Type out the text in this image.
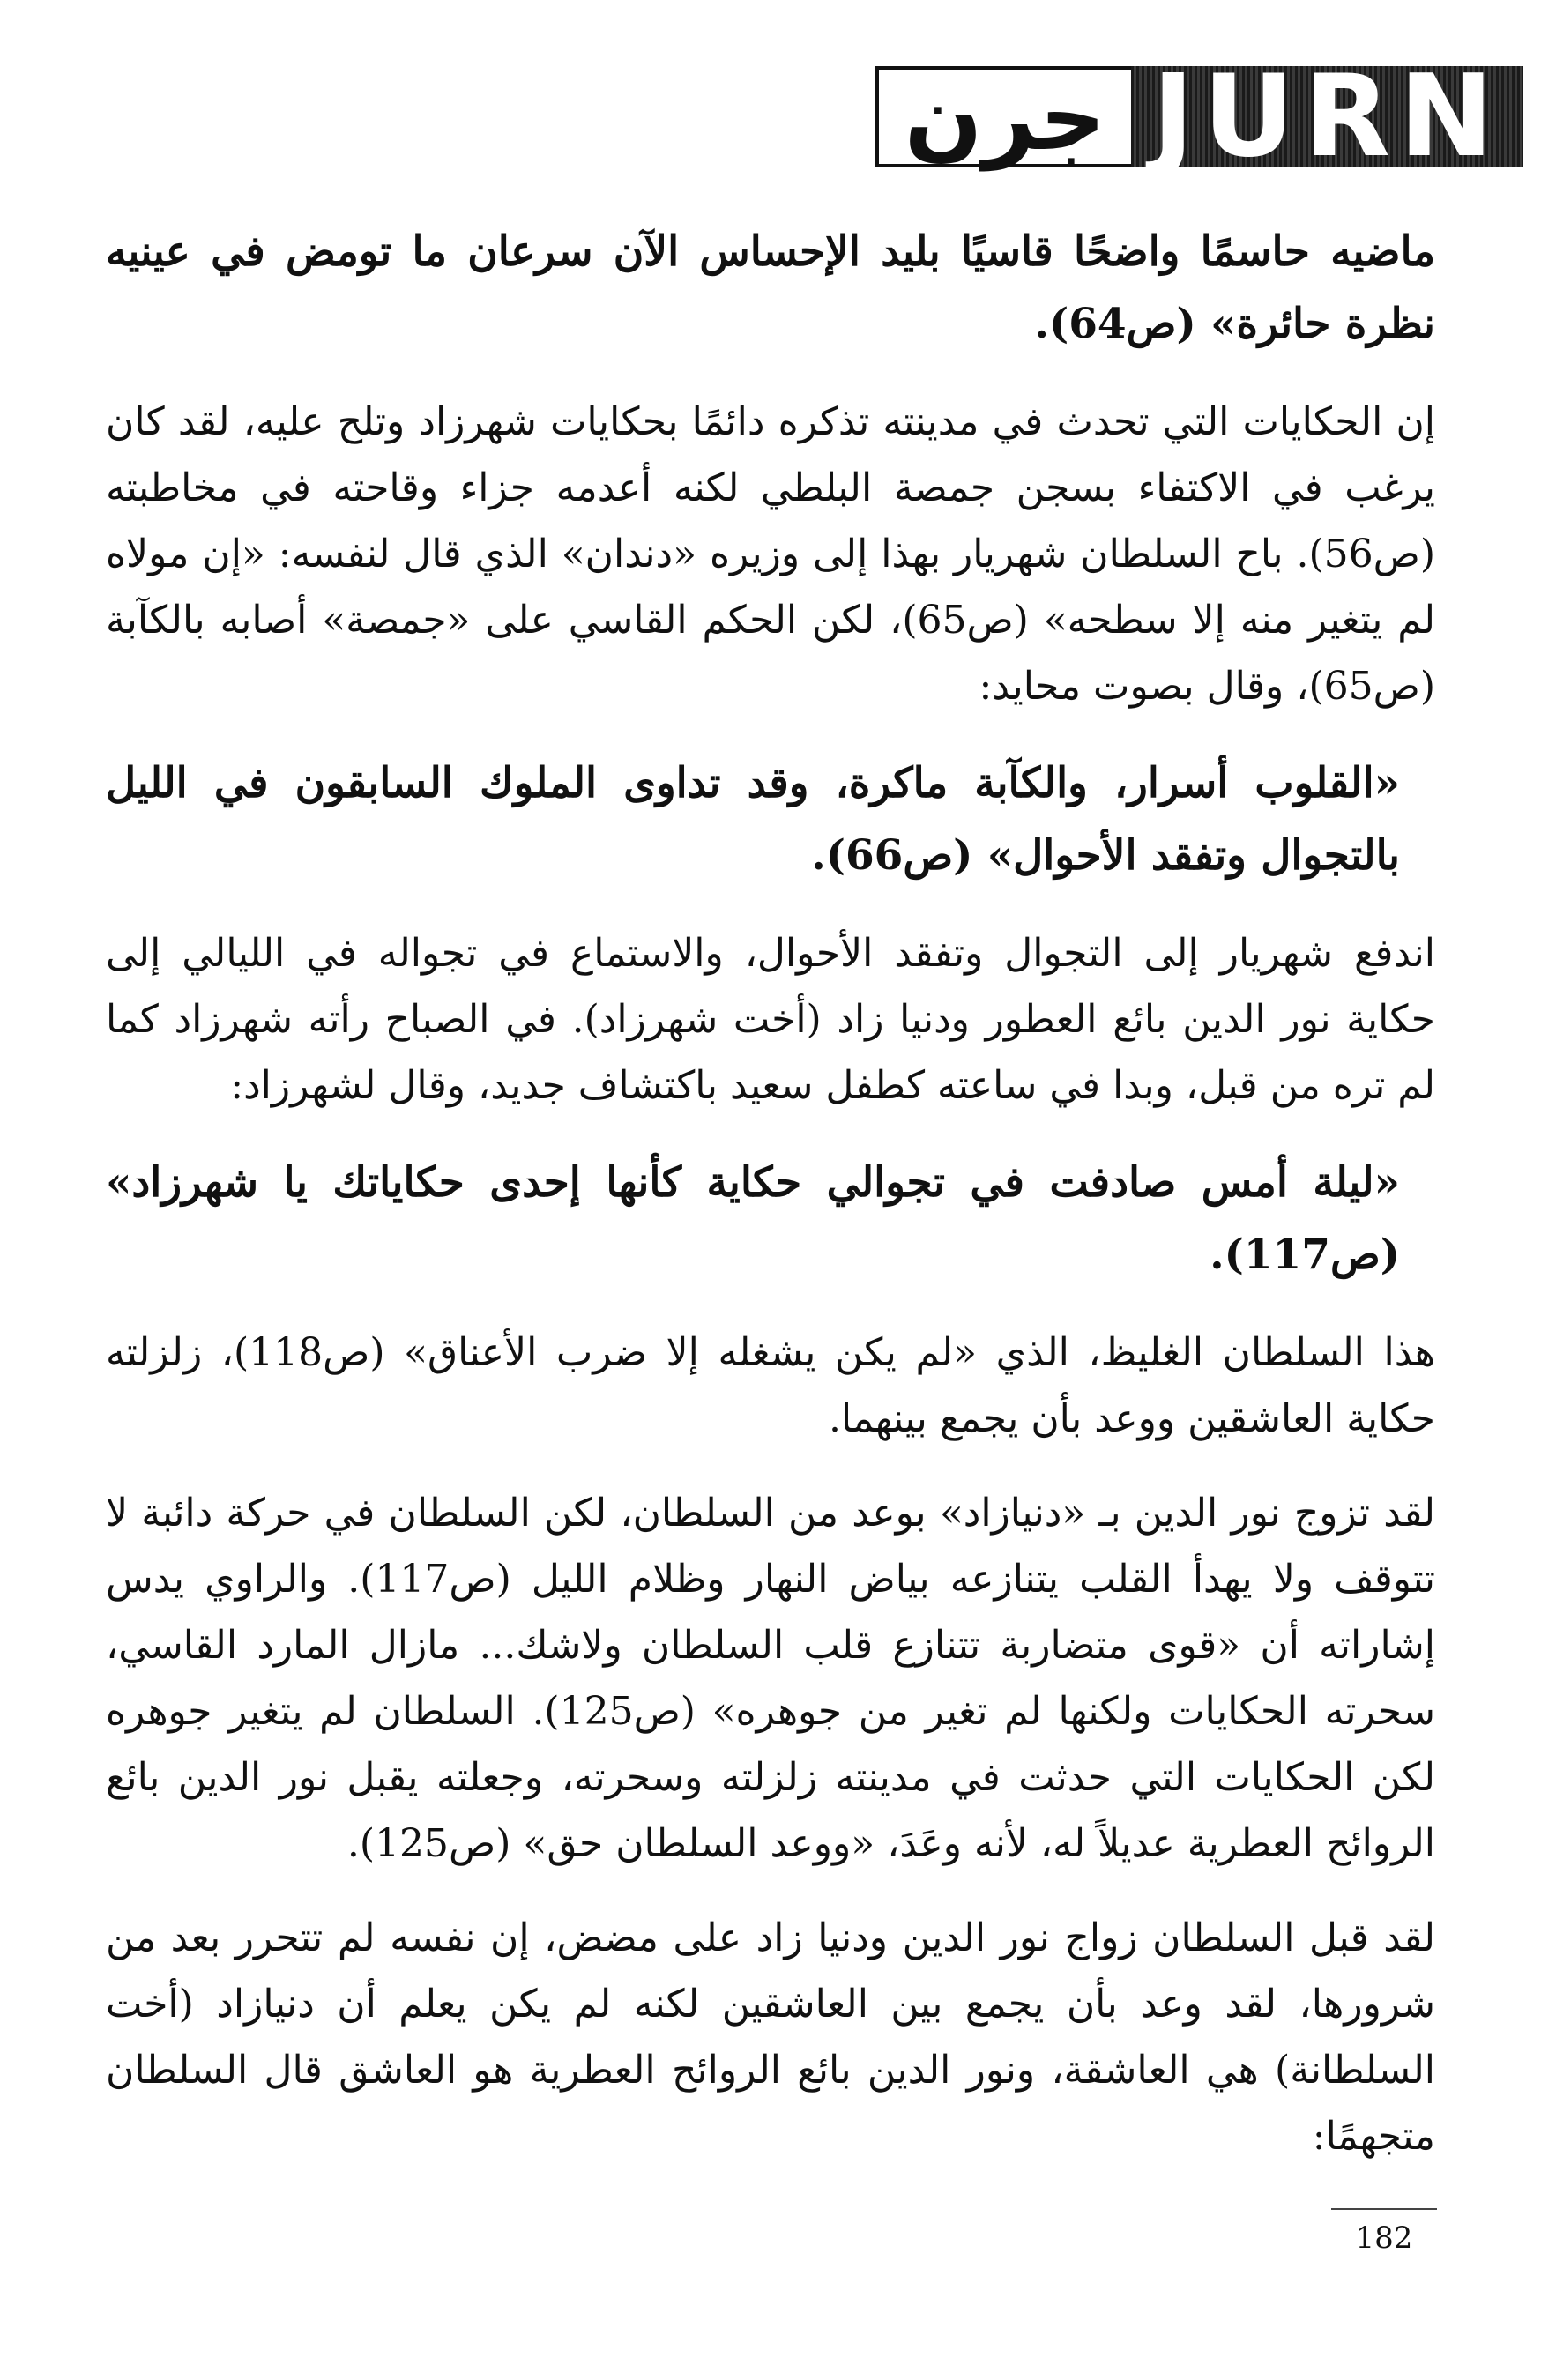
جرن JURN

ماضيه حاسمًا واضحًا قاسيًا بليد الإحساس الآن سرعان ما تومض في عينيه نظرة حائرة» (ص64).

إن الحكايات التي تحدث في مدينته تذكره دائمًا بحكايات شهرزاد وتلح عليه، لقد كان يرغب في الاكتفاء بسجن جمصة البلطي لكنه أعدمه جزاء وقاحته في مخاطبته (ص56). باح السلطان شهريار بهذا إلى وزيره «دندان» الذي قال لنفسه: «إن مولاه لم يتغير منه إلا سطحه» (ص65)، لكن الحكم القاسي على «جمصة» أصابه بالكآبة (ص65)، وقال بصوت محايد:

«القلوب أسرار، والكآبة ماكرة، وقد تداوى الملوك السابقون في الليل بالتجوال وتفقد الأحوال» (ص66).

اندفع شهريار إلى التجوال وتفقد الأحوال، والاستماع في تجواله في الليالي إلى حكاية نور الدين بائع العطور ودنيا زاد (أخت شهرزاد). في الصباح رأته شهرزاد كما لم تره من قبل، وبدا في ساعته كطفل سعيد باكتشاف جديد، وقال لشهرزاد:

«ليلة أمس صادفت في تجوالي حكاية كأنها إحدى حكاياتك يا شهرزاد» (ص117).

هذا السلطان الغليظ، الذي «لم يكن يشغله إلا ضرب الأعناق» (ص118)، زلزلته حكاية العاشقين ووعد بأن يجمع بينهما.

لقد تزوج نور الدين بـ «دنيازاد» بوعد من السلطان، لكن السلطان في حركة دائبة لا تتوقف ولا يهدأ القلب يتنازعه بياض النهار وظلام الليل (ص117). والراوي يدس إشاراته أن «قوى متضاربة تتنازع قلب السلطان ولاشك... مازال المارد القاسي، سحرته الحكايات ولكنها لم تغير من جوهره» (ص125). السلطان لم يتغير جوهره لكن الحكايات التي حدثت في مدينته زلزلته وسحرته، وجعلته يقبل نور الدين بائع الروائح العطرية عديلاً له، لأنه وعَدَ، «ووعد السلطان حق» (ص125).

لقد قبل السلطان زواج نور الدين ودنيا زاد على مضض، إن نفسه لم تتحرر بعد من شرورها، لقد وعد بأن يجمع بين العاشقين لكنه لم يكن يعلم أن دنيازاد (أخت السلطانة) هي العاشقة، ونور الدين بائع الروائح العطرية هو العاشق قال السلطان متجهمًا:

182
